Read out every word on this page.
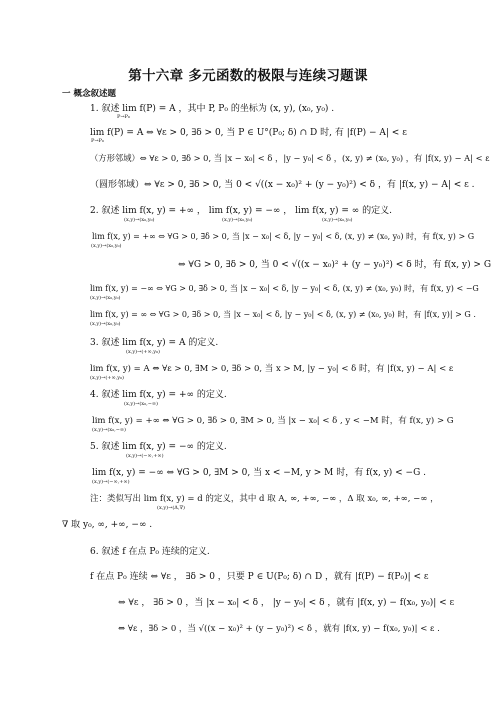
第十六章 多元函数的极限与连续习题课
一 概念叙述题
1. 叙述 lim f(P) = A ，其中 P, P₀ 的坐标为 (x, y), (x₀, y₀) .
P→P₀
lim f(P) = A ⇔ ∀ε > 0, ∃δ > 0, 当 P ∈ U°(P₀; δ) ∩ D 时, 有 |f(P) − A| < ε
P→P₀
（方形邻域）⇔ ∀ε > 0, ∃δ > 0, 当 |x − x₀| < δ ，|y − y₀| < δ ，(x, y) ≠ (x₀, y₀) ，有 |f(x, y) − A| < ε
（圆形邻域）⇔ ∀ε > 0, ∃δ > 0, 当 0 < √((x − x₀)² + (y − y₀)²) < δ ，有 |f(x, y) − A| < ε .
2. 叙述 lim f(x, y) = +∞ ， lim f(x, y) = −∞ ， lim f(x, y) = ∞ 的定义.
(x,y)→(x₀,y₀)	(x,y)→(x₀,y₀)	(x,y)→(x₀,y₀)
lim f(x, y) = +∞ ⇔ ∀G > 0, ∃δ > 0, 当 |x − x₀| < δ, |y − y₀| < δ, (x, y) ≠ (x₀, y₀) 时，有 f(x, y) > G
(x,y)→(x₀,y₀)
⇔ ∀G > 0, ∃δ > 0, 当 0 < √((x − x₀)² + (y − y₀)²) < δ 时，有 f(x, y) > G
lim f(x, y) = −∞ ⇔ ∀G > 0, ∃δ > 0, 当 |x − x₀| < δ, |y − y₀| < δ, (x, y) ≠ (x₀, y₀) 时，有 f(x, y) < −G
(x,y)→(x₀,y₀)
lim f(x, y) = ∞ ⇔ ∀G > 0, ∃δ > 0, 当 |x − x₀| < δ, |y − y₀| < δ, (x, y) ≠ (x₀, y₀) 时，有 |f(x, y)| > G .
(x,y)→(x₀,y₀)
3. 叙述 lim f(x, y) = A 的定义.
(x,y)→(+∞,y₀)
lim f(x, y) = A ⇔ ∀ε > 0, ∃M > 0, ∃δ > 0, 当 x > M, |y − y₀| < δ 时，有 |f(x, y) − A| < ε
(x,y)→(+∞,y₀)
4. 叙述 lim f(x, y) = +∞ 的定义.
(x,y)→(x₀,−∞)
lim f(x, y) = +∞ ⇔ ∀G > 0, ∃δ > 0, ∃M > 0, 当 |x − x₀| < δ , y < −M 时，有 f(x, y) > G
(x,y)→(x₀,−∞)
5. 叙述 lim f(x, y) = −∞ 的定义.
(x,y)→(−∞,+∞)
lim f(x, y) = −∞ ⇔ ∀G > 0, ∃M > 0, 当 x < −M, y > M 时，有 f(x, y) < −G .
(x,y)→(−∞,+∞)
注：类似写出 lim f(x, y) = d 的定义，其中 d 取 A, ∞, +∞, −∞ ，Δ 取 x₀, ∞, +∞, −∞ ，
(x,y)→(Δ,∇)
∇ 取 y₀, ∞, +∞, −∞ .
6. 叙述 f 在点 P₀ 连续的定义.
f 在点 P₀ 连续 ⇔ ∀ε ， ∃δ > 0 ，只要 P ∈ U(P₀; δ) ∩ D ，就有 |f(P) − f(P₀)| < ε
⇔ ∀ε ， ∃δ > 0 ，当 |x − x₀| < δ ， |y − y₀| < δ ，就有 |f(x, y) − f(x₀, y₀)| < ε
⇔ ∀ε ，∃δ > 0 ，当 √((x − x₀)² + (y − y₀)²) < δ ，就有 |f(x, y) − f(x₀, y₀)| < ε .
